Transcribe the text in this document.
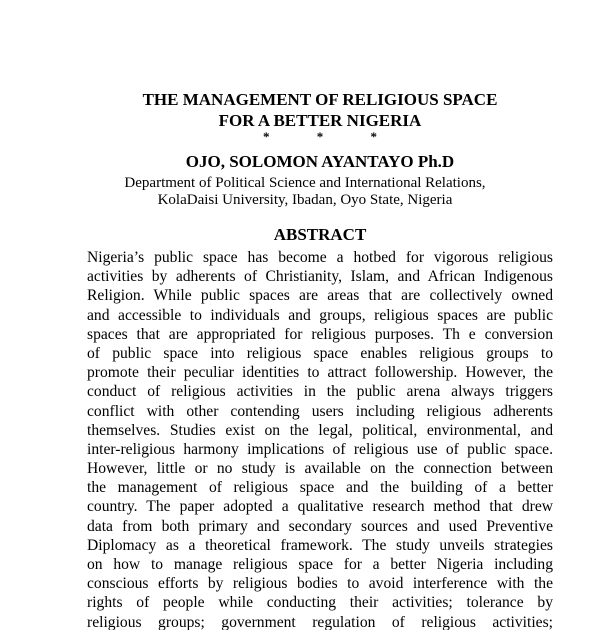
THE MANAGEMENT OF RELIGIOUS SPACE
FOR A BETTER NIGERIA
* * *
OJO, SOLOMON AYANTAYO Ph.D
Department of Political Science and International Relations,
KolaDaisi University, Ibadan, Oyo State, Nigeria
ABSTRACT
Nigeria’s public space has become a hotbed for vigorous religious
activities by adherents of Christianity, Islam, and African Indigenous
Religion. While public spaces are areas that are collectively owned
and accessible to individuals and groups, religious spaces are public
spaces that are appropriated for religious purposes. Th e conversion
of public space into religious space enables religious groups to
promote their peculiar identities to attract followership. However, the
conduct of religious activities in the public arena always triggers
conflict with other contending users including religious adherents
themselves. Studies exist on the legal, political, environmental, and
inter-religious harmony implications of religious use of public space.
However, little or no study is available on the connection between
the management of religious space and the building of a better
country. The paper adopted a qualitative research method that drew
data from both primary and secondary sources and used Preventive
Diplomacy as a theoretical framework. The study unveils strategies
on how to manage religious space for a better Nigeria including
conscious efforts by religious bodies to avoid interference with the
rights of people while conducting their activities; tolerance by
religious groups; government regulation of religious activities;
